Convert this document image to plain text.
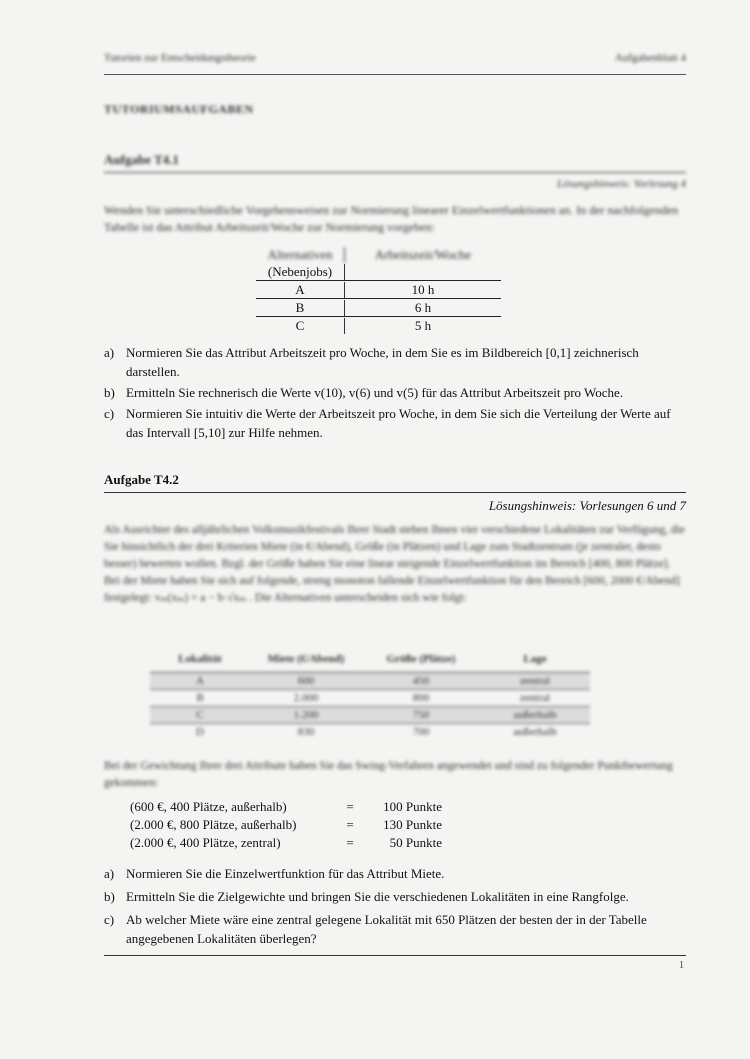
Tutorien zur Entscheidungstheorie	Aufgabenblatt 4
TUTORIUMSAUFGABEN
Aufgabe T4.1
Lösungshinweis: Vorlesung 4
Wenden Sie unterschiedliche Vorgehensweisen zur Normierung linearer Einzelwertfunktionen an. In der nachfolgenden Tabelle ist das Attribut Arbeitszeit/Woche zur Normierung vorgeben:
Alternativen	Arbeitszeit/Woche
(Nebenjobs)
A	10 h
B	6 h
C	5 h
a) Normieren Sie das Attribut Arbeitszeit pro Woche, in dem Sie es im Bildbereich [0,1] zeichnerisch darstellen.
b) Ermitteln Sie rechnerisch die Werte v(10), v(6) und v(5) für das Attribut Arbeitszeit pro Woche.
c) Normieren Sie intuitiv die Werte der Arbeitszeit pro Woche, in dem Sie sich die Verteilung der Werte auf das Intervall [5,10] zur Hilfe nehmen.
Aufgabe T4.2
Lösungshinweis: Vorlesungen 6 und 7
Als Ausrichter des alljährlichen Volksmusikfestivals Ihrer Stadt stehen Ihnen vier verschiedene Lokalitäten zur Verfügung, die Sie hinsichtlich der drei Kriterien Miete (in €/Abend), Größe (in Plätzen) und Lage zum Stadtzentrum (je zentraler, desto besser) bewerten wollen. Bzgl. der Größe haben Sie eine linear steigende Einzelwertfunktion im Bereich [400, 800 Plätze]. Bei der Miete haben Sie sich auf folgende, streng monoton fallende Einzelwertfunktion für den Bereich [600, 2000 €/Abend] festgelegt: vₘ(xₘ) = a − b·√xₘ . Die Alternativen unterscheiden sich wie folgt:
Lokalität	Miete (€/Abend)	Größe (Plätze)	Lage
A	600	450	zentral
B	2.000	800	zentral
C	1.200	750	außerhalb
D	830	700	außerhalb
Bei der Gewichtung Ihrer drei Attribute haben Sie das Swing-Verfahren angewendet und sind zu folgender Punktbewertung gekommen:
(600 €, 400 Plätze, außerhalb)	=	100 Punkte
(2.000 €, 800 Plätze, außerhalb)	=	130 Punkte
(2.000 €, 400 Plätze, zentral)	=	50 Punkte
a) Normieren Sie die Einzelwertfunktion für das Attribut Miete.
b) Ermitteln Sie die Zielgewichte und bringen Sie die verschiedenen Lokalitäten in eine Rangfolge.
c) Ab welcher Miete wäre eine zentral gelegene Lokalität mit 650 Plätzen der besten der in der Tabelle angegebenen Lokalitäten überlegen?
1
